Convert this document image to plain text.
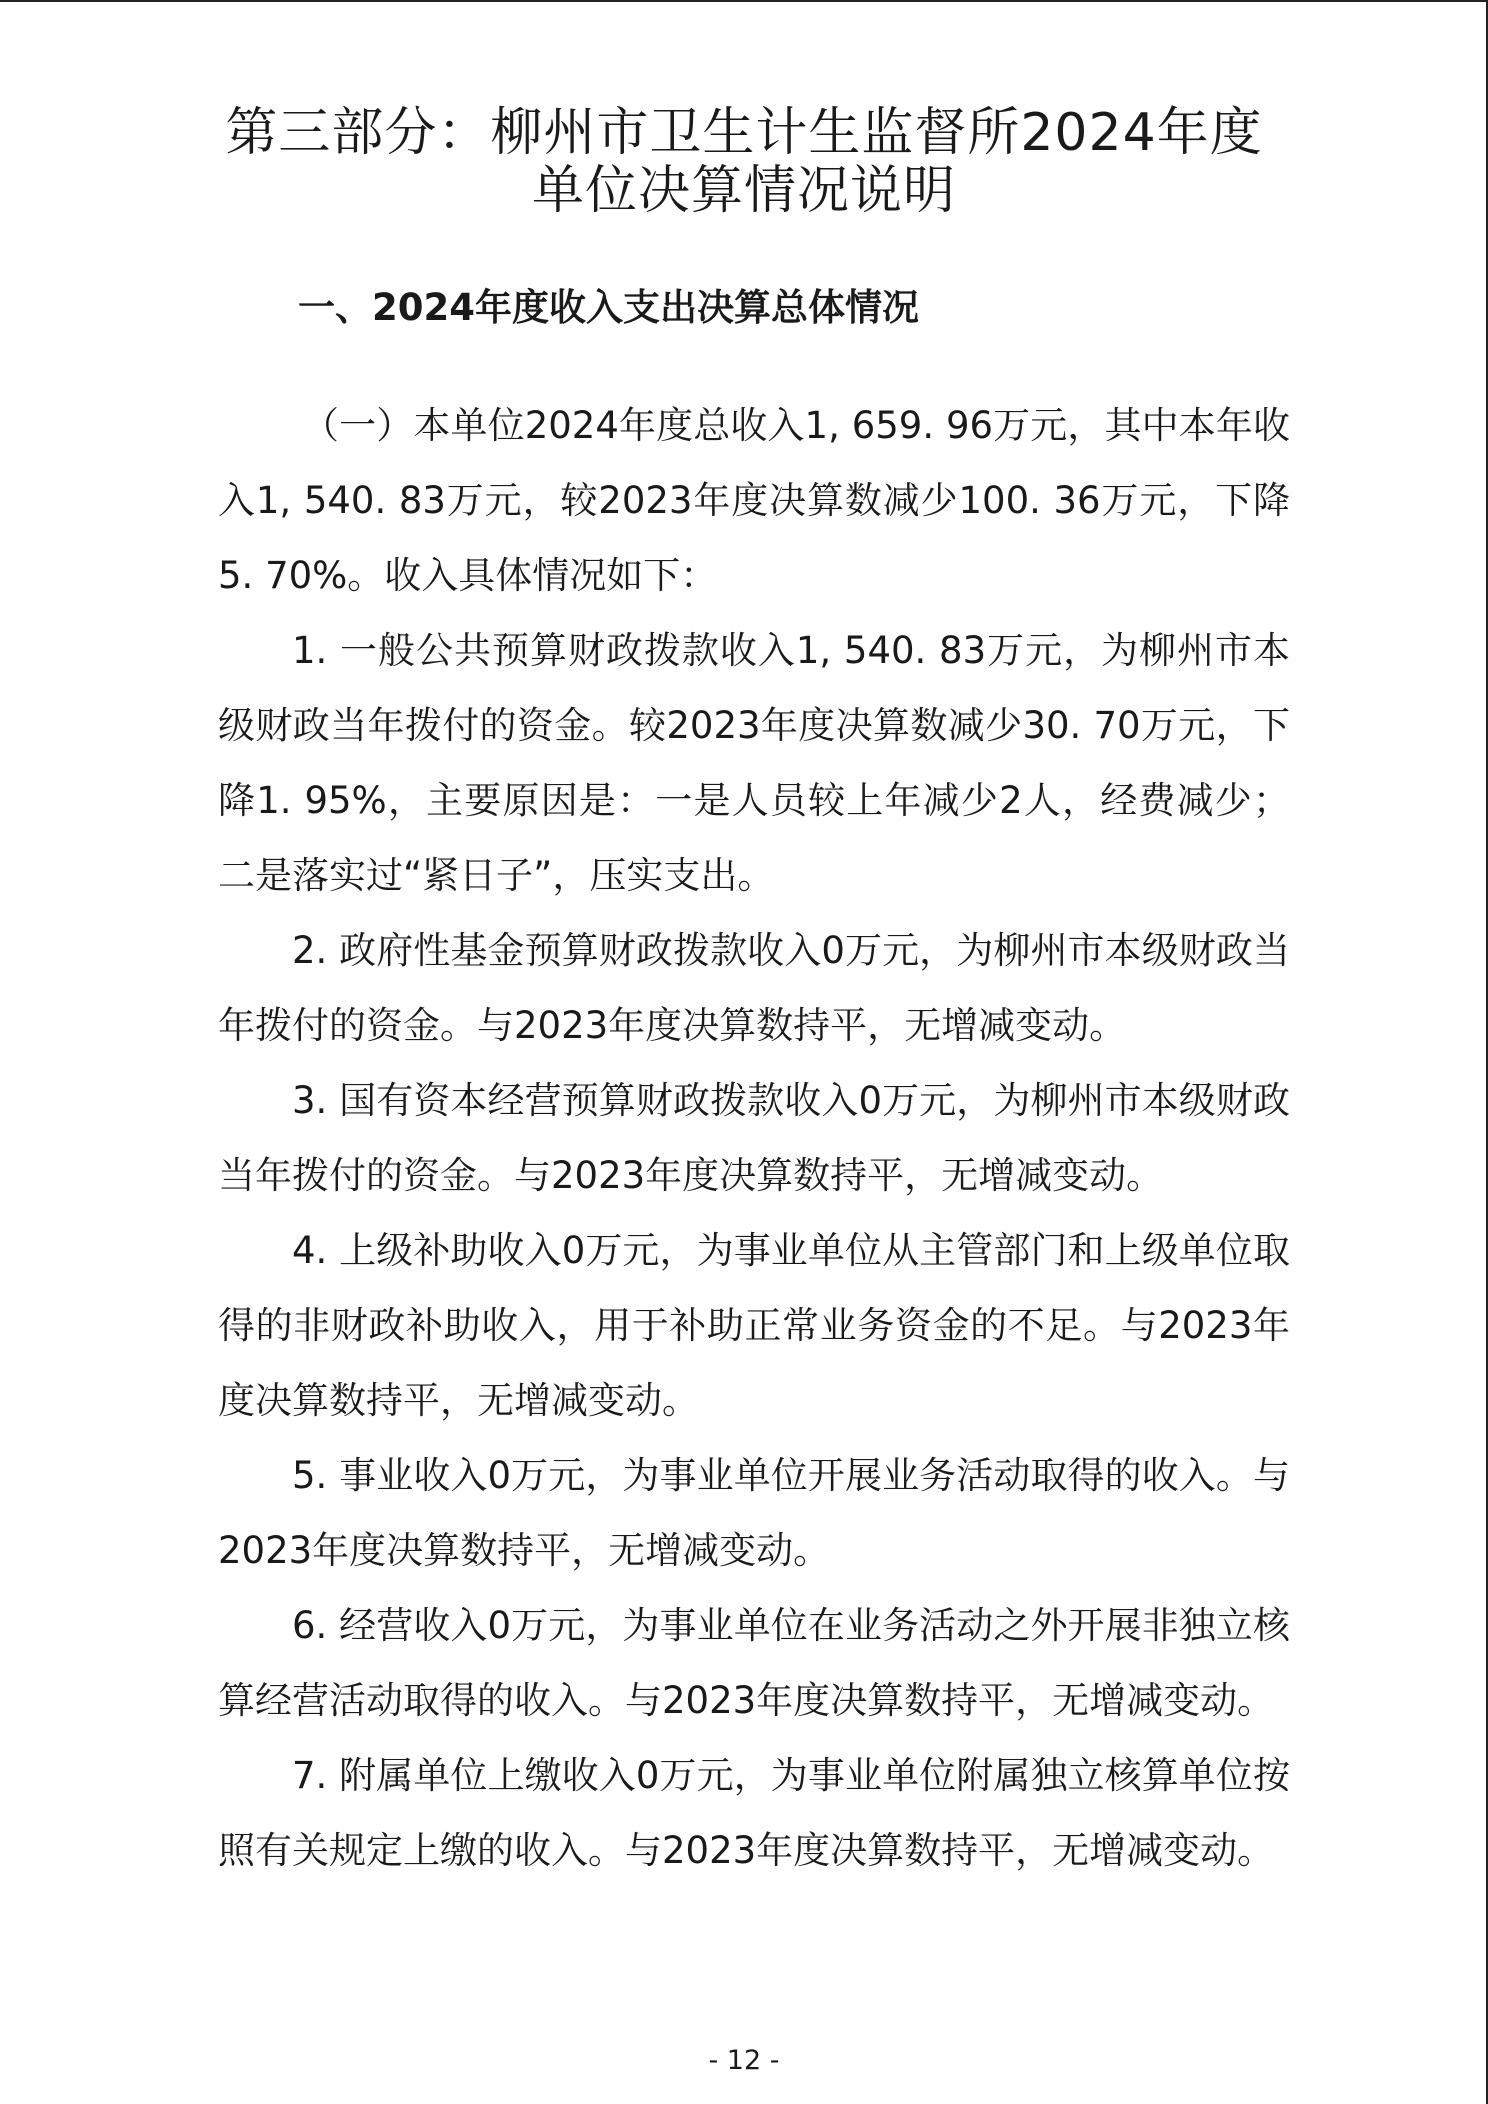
第三部分：柳州市卫生计生监督所2024年度
单位决算情况说明
一、2024年度收入支出决算总体情况

（一）本单位2024年度总收入1, 659. 96万元，其中本年收入1, 540. 83万元，较2023年度决算数减少100. 36万元，下降5. 70%。收入具体情况如下：

1. 一般公共预算财政拨款收入1, 540. 83万元，为柳州市本级财政当年拨付的资金。较2023年度决算数减少30. 70万元，下降1. 95%，主要原因是：一是人员较上年减少2人，经费减少；二是落实过“紧日子”，压实支出。

2. 政府性基金预算财政拨款收入0万元，为柳州市本级财政当年拨付的资金。与2023年度决算数持平，无增减变动。

3. 国有资本经营预算财政拨款收入0万元，为柳州市本级财政当年拨付的资金。与2023年度决算数持平，无增减变动。

4. 上级补助收入0万元，为事业单位从主管部门和上级单位取得的非财政补助收入，用于补助正常业务资金的不足。与2023年度决算数持平，无增减变动。

5. 事业收入0万元，为事业单位开展业务活动取得的收入。与2023年度决算数持平，无增减变动。

6. 经营收入0万元，为事业单位在业务活动之外开展非独立核算经营活动取得的收入。与2023年度决算数持平，无增减变动。

7. 附属单位上缴收入0万元，为事业单位附属独立核算单位按照有关规定上缴的收入。与2023年度决算数持平，无增减变动。

- 12 -
